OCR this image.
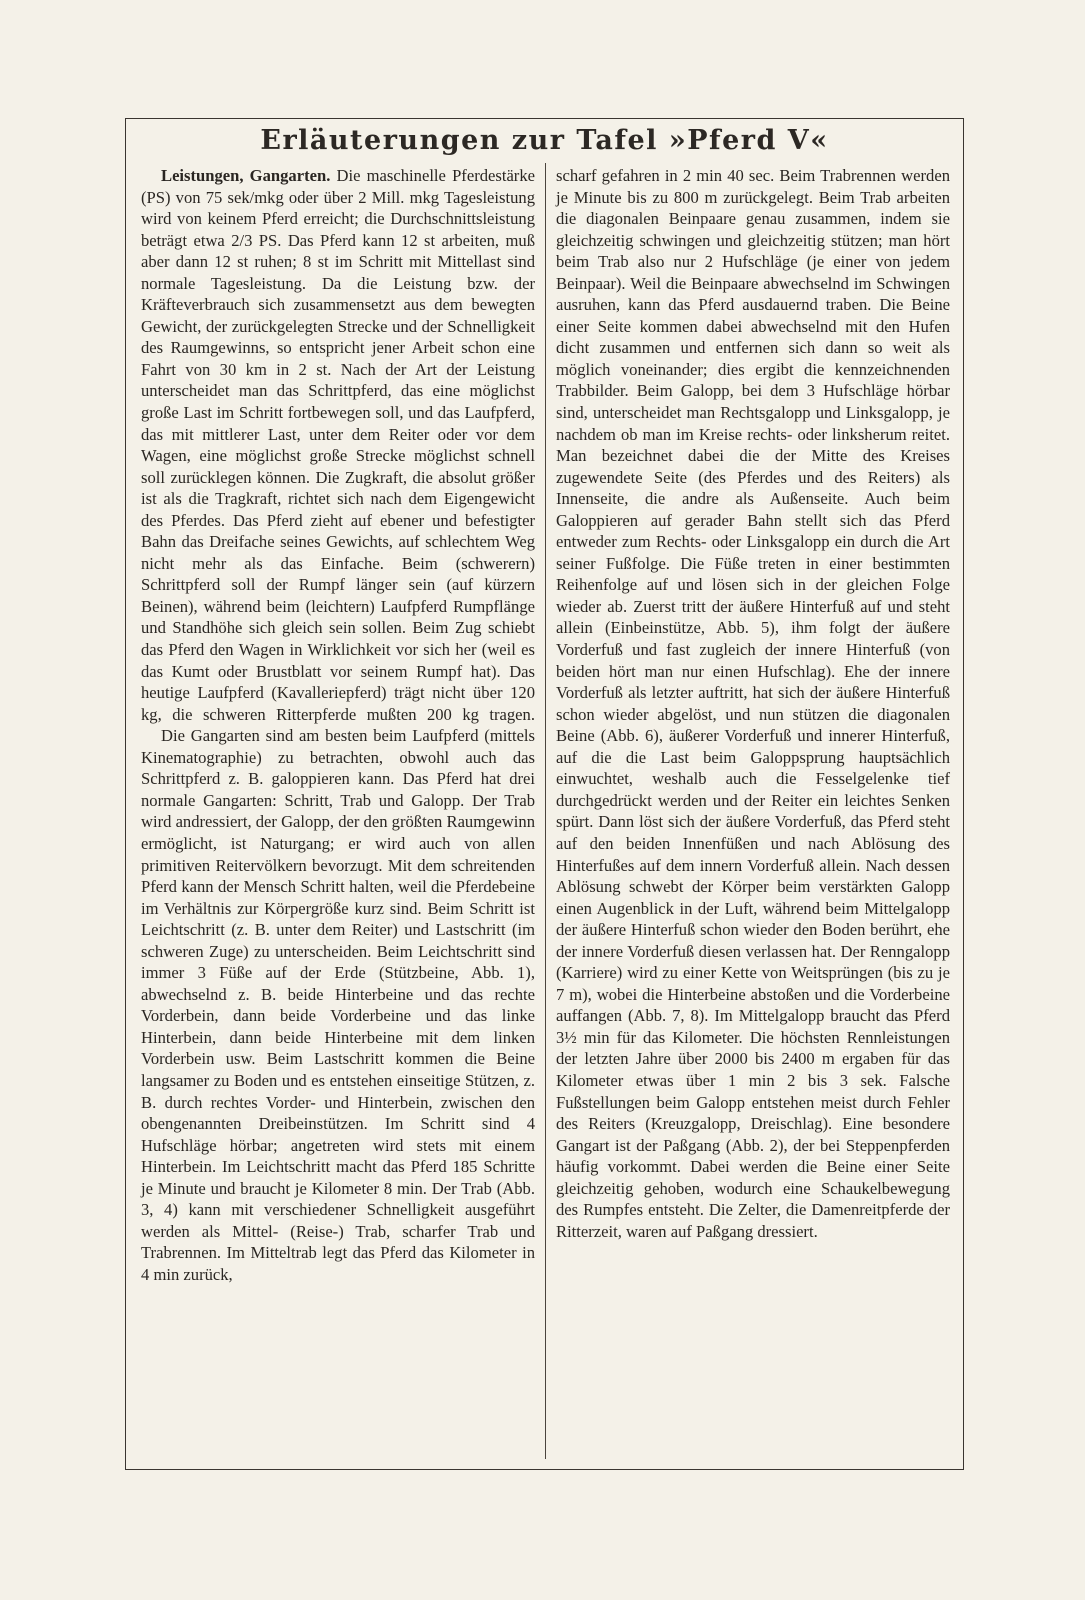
Erläuterungen zur Tafel »Pferd V«

Leistungen, Gangarten. Die maschinelle Pferdestärke (PS) von 75 sek/mkg oder über 2 Mill. mkg Tagesleistung wird von keinem Pferd erreicht; die Durchschnittsleistung beträgt etwa 2/3 PS. Das Pferd kann 12 st arbeiten, muß aber dann 12 st ruhen; 8 st im Schritt mit Mittellast sind normale Tagesleistung. Da die Leistung bzw. der Kräfteverbrauch sich zusammensetzt aus dem bewegten Gewicht, der zurückgelegten Strecke und der Schnelligkeit des Raumgewinns, so entspricht jener Arbeit schon eine Fahrt von 30 km in 2 st. Nach der Art der Leistung unterscheidet man das Schrittpferd, das eine möglichst große Last im Schritt fortbewegen soll, und das Laufpferd, das mit mittlerer Last, unter dem Reiter oder vor dem Wagen, eine möglichst große Strecke möglichst schnell soll zurücklegen können. Die Zugkraft, die absolut größer ist als die Tragkraft, richtet sich nach dem Eigengewicht des Pferdes. Das Pferd zieht auf ebener und befestigter Bahn das Dreifache seines Gewichts, auf schlechtem Weg nicht mehr als das Einfache. Beim (schwerern) Schrittpferd soll der Rumpf länger sein (auf kürzern Beinen), während beim (leichtern) Laufpferd Rumpflänge und Standhöhe sich gleich sein sollen. Beim Zug schiebt das Pferd den Wagen in Wirklichkeit vor sich her (weil es das Kumt oder Brustblatt vor seinem Rumpf hat). Das heutige Laufpferd (Kavalleriepferd) trägt nicht über 120 kg, die schweren Ritterpferde mußten 200 kg tragen.

Die Gangarten sind am besten beim Laufpferd (mittels Kinematographie) zu betrachten, obwohl auch das Schrittpferd z. B. galoppieren kann. Das Pferd hat drei normale Gangarten: Schritt, Trab und Galopp. Der Trab wird andressiert, der Galopp, der den größten Raumgewinn ermöglicht, ist Naturgang; er wird auch von allen primitiven Reitervölkern bevorzugt. Mit dem schreitenden Pferd kann der Mensch Schritt halten, weil die Pferdebeine im Verhältnis zur Körpergröße kurz sind. Beim Schritt ist Leichtschritt (z. B. unter dem Reiter) und Lastschritt (im schweren Zuge) zu unterscheiden. Beim Leichtschritt sind immer 3 Füße auf der Erde (Stützbeine, Abb. 1), abwechselnd z. B. beide Hinterbeine und das rechte Vorderbein, dann beide Vorderbeine und das linke Hinterbein, dann beide Hinterbeine mit dem linken Vorderbein usw. Beim Lastschritt kommen die Beine langsamer zu Boden und es entstehen einseitige Stützen, z. B. durch rechtes Vorder- und Hinterbein, zwischen den obengenannten Dreibeinstützen. Im Schritt sind 4 Hufschläge hörbar; angetreten wird stets mit einem Hinterbein. Im Leichtschritt macht das Pferd 185 Schritte je Minute und braucht je Kilometer 8 min. Der Trab (Abb. 3, 4) kann mit verschiedener Schnelligkeit ausgeführt werden als Mittel- (Reise-) Trab, scharfer Trab und Trabrennen. Im Mitteltrab legt das Pferd das Kilometer in 4 min zurück,

scharf gefahren in 2 min 40 sec. Beim Trabrennen werden je Minute bis zu 800 m zurückgelegt. Beim Trab arbeiten die diagonalen Beinpaare genau zusammen, indem sie gleichzeitig schwingen und gleichzeitig stützen; man hört beim Trab also nur 2 Hufschläge (je einer von jedem Beinpaar). Weil die Beinpaare abwechselnd im Schwingen ausruhen, kann das Pferd ausdauernd traben. Die Beine einer Seite kommen dabei abwechselnd mit den Hufen dicht zusammen und entfernen sich dann so weit als möglich voneinander; dies ergibt die kennzeichnenden Trabbilder. Beim Galopp, bei dem 3 Hufschläge hörbar sind, unterscheidet man Rechtsgalopp und Linksgalopp, je nachdem ob man im Kreise rechts- oder linksherum reitet. Man bezeichnet dabei die der Mitte des Kreises zugewendete Seite (des Pferdes und des Reiters) als Innenseite, die andre als Außenseite. Auch beim Galoppieren auf gerader Bahn stellt sich das Pferd entweder zum Rechts- oder Linksgalopp ein durch die Art seiner Fußfolge. Die Füße treten in einer bestimmten Reihenfolge auf und lösen sich in der gleichen Folge wieder ab. Zuerst tritt der äußere Hinterfuß auf und steht allein (Einbeinstütze, Abb. 5), ihm folgt der äußere Vorderfuß und fast zugleich der innere Hinterfuß (von beiden hört man nur einen Hufschlag). Ehe der innere Vorderfuß als letzter auftritt, hat sich der äußere Hinterfuß schon wieder abgelöst, und nun stützen die diagonalen Beine (Abb. 6), äußerer Vorderfuß und innerer Hinterfuß, auf die die Last beim Galoppsprung hauptsächlich einwuchtet, weshalb auch die Fesselgelenke tief durchgedrückt werden und der Reiter ein leichtes Senken spürt. Dann löst sich der äußere Vorderfuß, das Pferd steht auf den beiden Innenfüßen und nach Ablösung des Hinterfußes auf dem innern Vorderfuß allein. Nach dessen Ablösung schwebt der Körper beim verstärkten Galopp einen Augenblick in der Luft, während beim Mittelgalopp der äußere Hinterfuß schon wieder den Boden berührt, ehe der innere Vorderfuß diesen verlassen hat. Der Renngalopp (Karriere) wird zu einer Kette von Weitsprüngen (bis zu je 7 m), wobei die Hinterbeine abstoßen und die Vorderbeine auffangen (Abb. 7, 8). Im Mittelgalopp braucht das Pferd 3½ min für das Kilometer. Die höchsten Rennleistungen der letzten Jahre über 2000 bis 2400 m ergaben für das Kilometer etwas über 1 min 2 bis 3 sek. Falsche Fußstellungen beim Galopp entstehen meist durch Fehler des Reiters (Kreuzgalopp, Dreischlag). Eine besondere Gangart ist der Paßgang (Abb. 2), der bei Steppenpferden häufig vorkommt. Dabei werden die Beine einer Seite gleichzeitig gehoben, wodurch eine Schaukelbewegung des Rumpfes entsteht. Die Zelter, die Damenreitpferde der Ritterzeit, waren auf Paßgang dressiert.
